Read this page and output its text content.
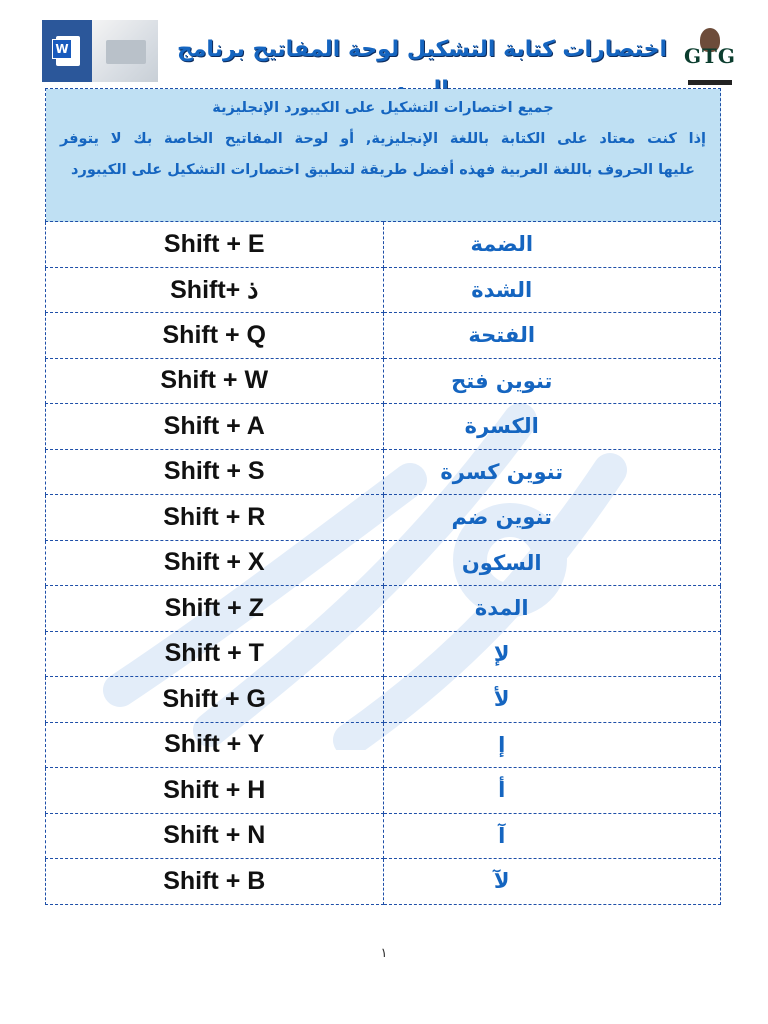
W	اختصارات كتابة التشكيل لوحة المفاتيح برنامج	GTG
جميع اختصارات التشكيل على الكيبورد الإنجليزية
إذا كنت معتاد على الكتابة باللغة الإنجليزية, أو لوحة المفاتيح الخاصة بك لا يتوفر
عليها الحروف باللغة العربية فهذه أفضل طريقة لتطبيق اختصارات التشكيل على الكيبورد	

Shift + E	الضمة
Shift+ ذ	الشدة
Shift + Q	الفتحة
Shift + W	تنوين فتح
Shift + A	الكسرة
Shift + S	تنوين كسرة
Shift + R	تنوين ضم
Shift + X	السكون
Shift + Z	المدة
Shift + T	لإ
Shift + G	لأ
Shift + Y	إ
Shift + H	أ
Shift + N	آ
Shift + B	لآ
١
